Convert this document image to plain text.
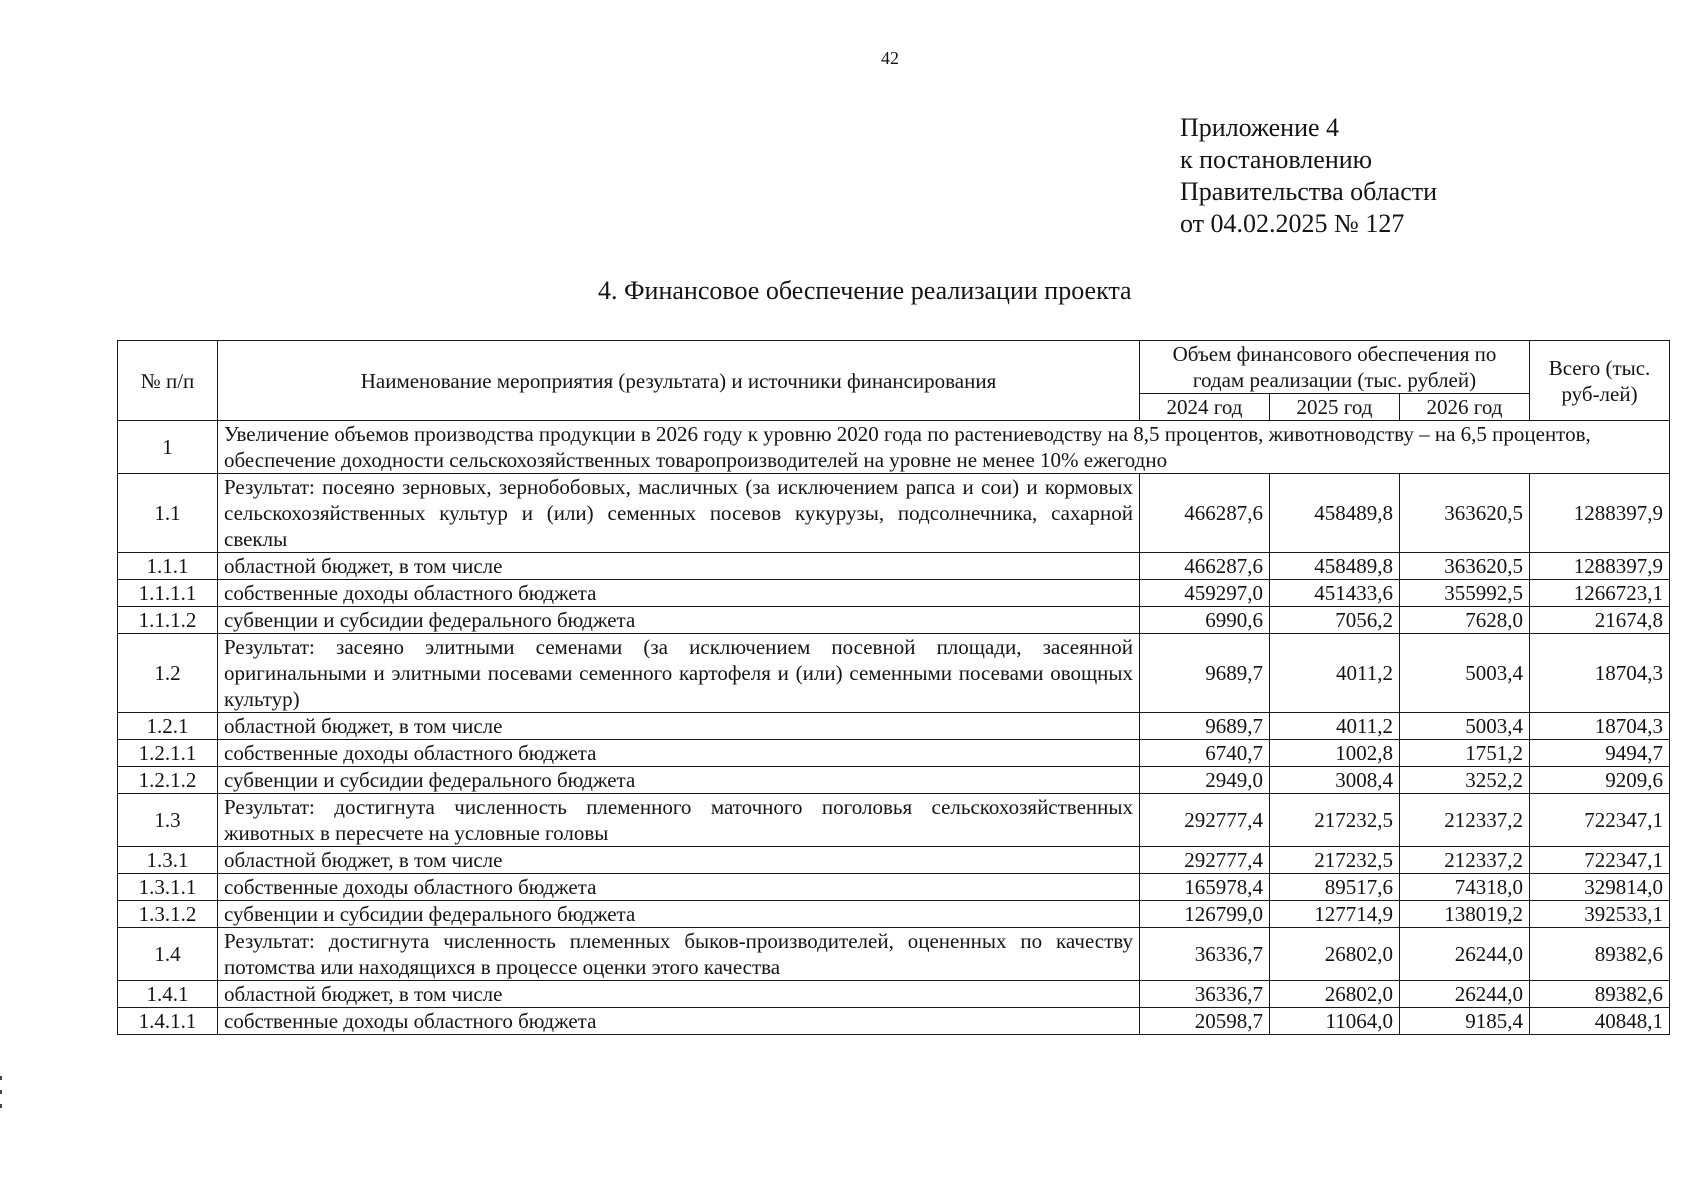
42
Приложение 4
к постановлению
Правительства области
от 04.02.2025 № 127
4. Финансовое обеспечение реализации проекта
№ п/п	Наименование мероприятия (результата) и источники финансирования	Объем финансового обеспечения по годам реализации (тыс. рублей)			Всего (тыс. руб-лей)
		2024 год	2025 год	2026 год	
1	Увеличение объемов производства продукции в 2026 году к уровню 2020 года по растениеводству на 8,5 процентов, животноводству – на 6,5 процентов, обеспечение доходности сельскохозяйственных товаропроизводителей на уровне не менее 10% ежегодно				
1.1	Результат: посеяно зерновых, зернобобовых, масличных (за исключением рапса и сои) и кормовых сельскохозяйственных культур и (или) семенных посевов кукурузы, подсолнечника, сахарной свеклы	466287,6	458489,8	363620,5	1288397,9
1.1.1	областной бюджет, в том числе	466287,6	458489,8	363620,5	1288397,9
1.1.1.1	собственные доходы областного бюджета	459297,0	451433,6	355992,5	1266723,1
1.1.1.2	субвенции и субсидии федерального бюджета	6990,6	7056,2	7628,0	21674,8
1.2	Результат: засеяно элитными семенами (за исключением посевной площади, засеянной оригинальными и элитными посевами семенного картофеля и (или) семенными посевами овощных культур)	9689,7	4011,2	5003,4	18704,3
1.2.1	областной бюджет, в том числе	9689,7	4011,2	5003,4	18704,3
1.2.1.1	собственные доходы областного бюджета	6740,7	1002,8	1751,2	9494,7
1.2.1.2	субвенции и субсидии федерального бюджета	2949,0	3008,4	3252,2	9209,6
1.3	Результат: достигнута численность племенного маточного поголовья сельскохозяйственных животных в пересчете на условные головы	292777,4	217232,5	212337,2	722347,1
1.3.1	областной бюджет, в том числе	292777,4	217232,5	212337,2	722347,1
1.3.1.1	собственные доходы областного бюджета	165978,4	89517,6	74318,0	329814,0
1.3.1.2	субвенции и субсидии федерального бюджета	126799,0	127714,9	138019,2	392533,1
1.4	Результат: достигнута численность племенных быков-производителей, оцененных по качеству потомства или находящихся в процессе оценки этого качества	36336,7	26802,0	26244,0	89382,6
1.4.1	областной бюджет, в том числе	36336,7	26802,0	26244,0	89382,6
1.4.1.1	собственные доходы областного бюджета	20598,7	11064,0	9185,4	40848,1
